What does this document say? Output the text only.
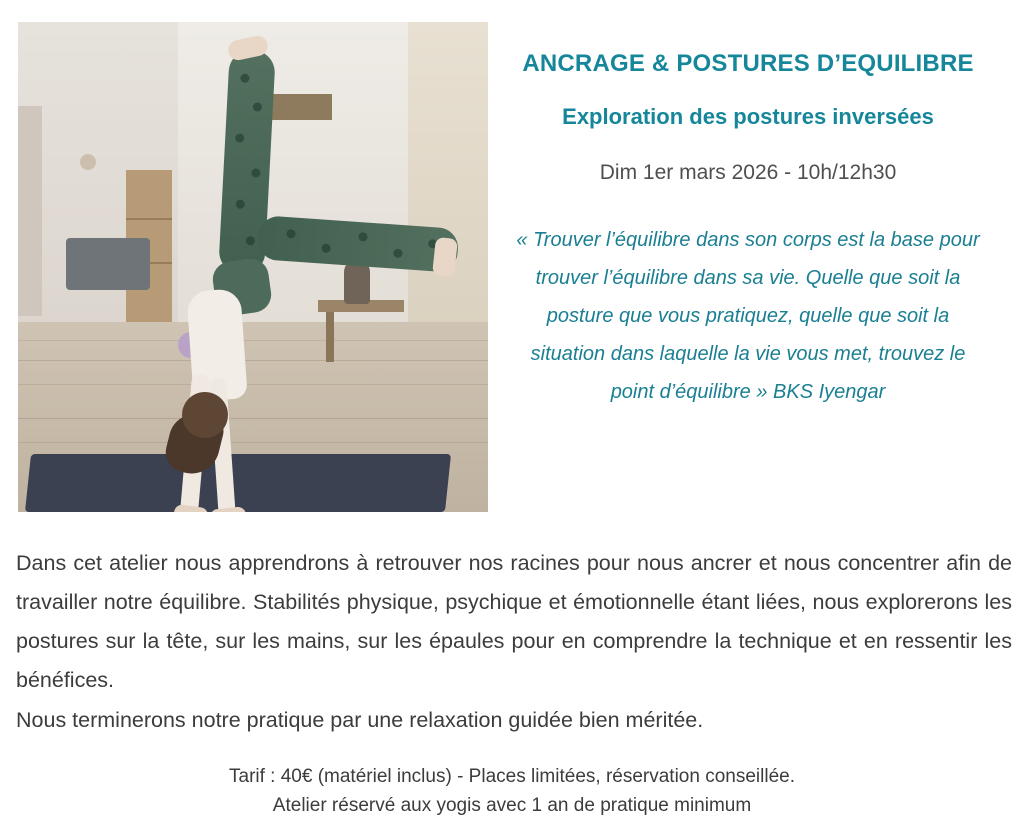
ANCRAGE & POSTURES D’EQUILIBRE
Exploration des postures inversées

Dim 1er mars 2026 - 10h/12h30

« Trouver l’équilibre dans son corps est la base pour trouver l’équilibre dans sa vie. Quelle que soit la posture que vous pratiquez, quelle que soit la situation dans laquelle la vie vous met, trouvez le point d’équilibre » BKS Iyengar

Dans cet atelier nous apprendrons à retrouver nos racines pour nous ancrer et nous concentrer afin de travailler notre équilibre. Stabilités physique, psychique et émotionnelle étant liées, nous explorerons les postures sur la tête, sur les mains, sur les épaules pour en comprendre la technique et en ressentir les bénéfices.
Nous terminerons notre pratique par une relaxation guidée bien méritée.
Tarif : 40€ (matériel inclus) - Places limitées, réservation conseillée.
Atelier réservé aux yogis avec 1 an de pratique minimum
